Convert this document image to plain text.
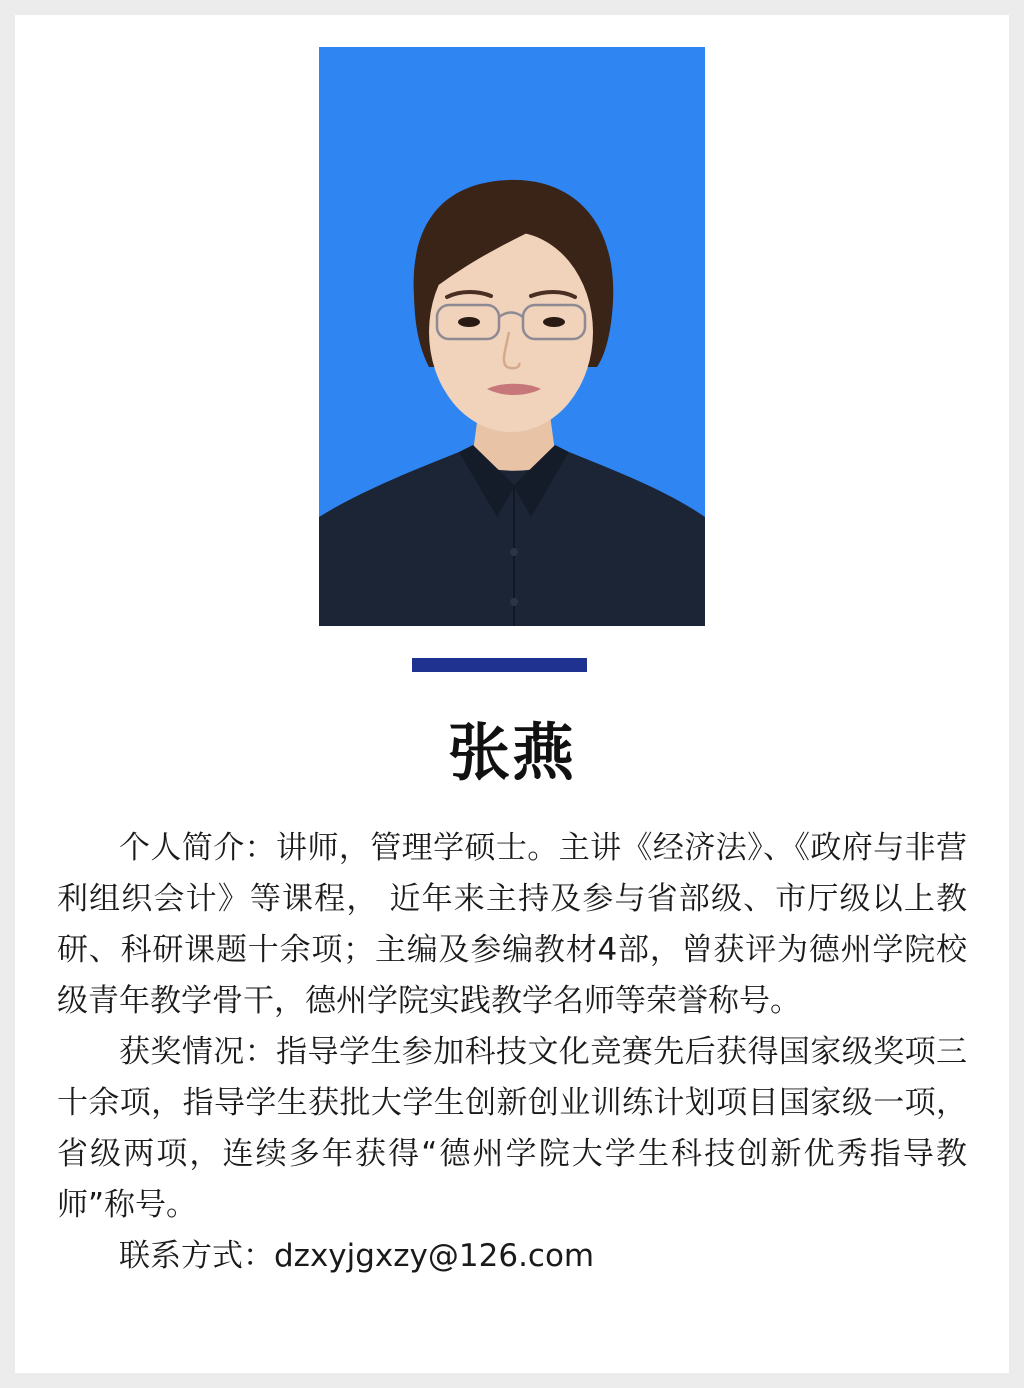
张燕

个人简介：讲师，管理学硕士。主讲《经济法》、《政府与非营利组织会计》等课程， 近年来主持及参与省部级、市厅级以上教研、科研课题十余项；主编及参编教材4部，曾获评为德州学院校级青年教学骨干，德州学院实践教学名师等荣誉称号。

获奖情况：指导学生参加科技文化竞赛先后获得国家级奖项三十余项，指导学生获批大学生创新创业训练计划项目国家级一项，省级两项，连续多年获得“德州学院大学生科技创新优秀指导教师”称号。

联系方式：dzxyjgxzy@126.com
